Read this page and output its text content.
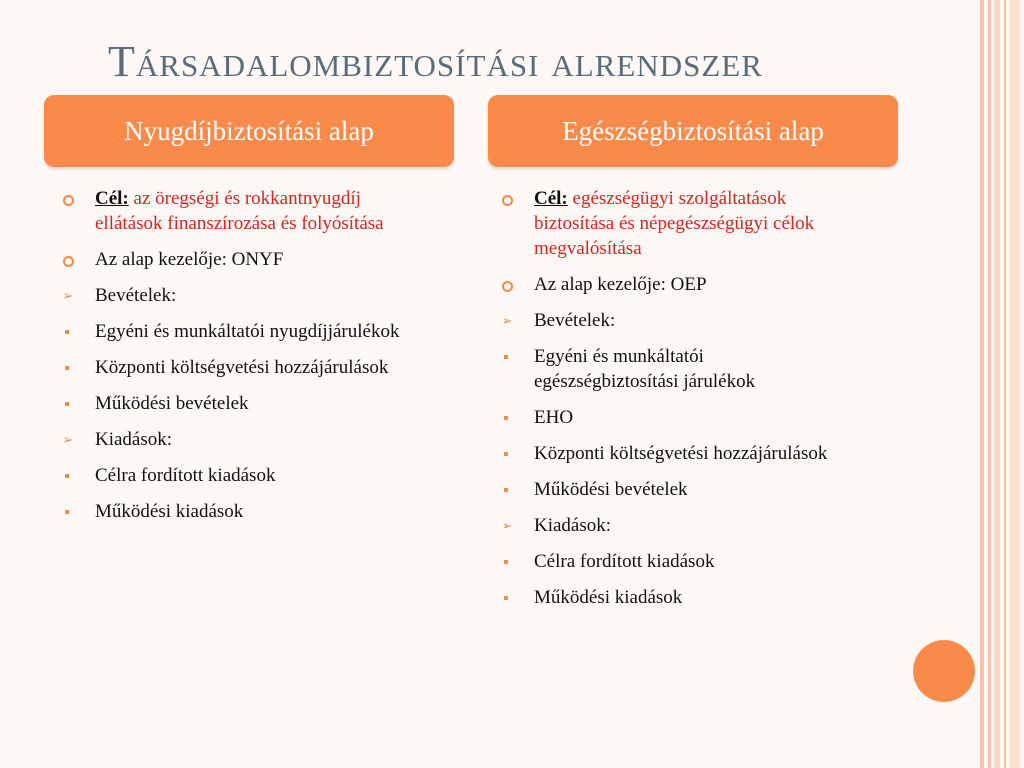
Társadalombiztosítási alrendszer
Nyugdíjbiztosítási alap	Egészségbiztosítási alap
Cél: az öregségi és rokkantnyugdíj ellátások finanszírozása és folyósítása
Az alap kezelője: ONYF
➢ Bevételek:
Egyéni és munkáltatói nyugdíjjárulékok
Központi költségvetési hozzájárulások
Működési bevételek
➢ Kiadások:
Célra fordított kiadások
Működési kiadások
Cél: egészségügyi szolgáltatások biztosítása és népegészségügyi célok megvalósítása
Az alap kezelője: OEP
➢ Bevételek:
Egyéni és munkáltatói egészségbiztosítási járulékok
EHO
Központi költségvetési hozzájárulások
Működési bevételek
➢ Kiadások:
Célra fordított kiadások
Működési kiadások
